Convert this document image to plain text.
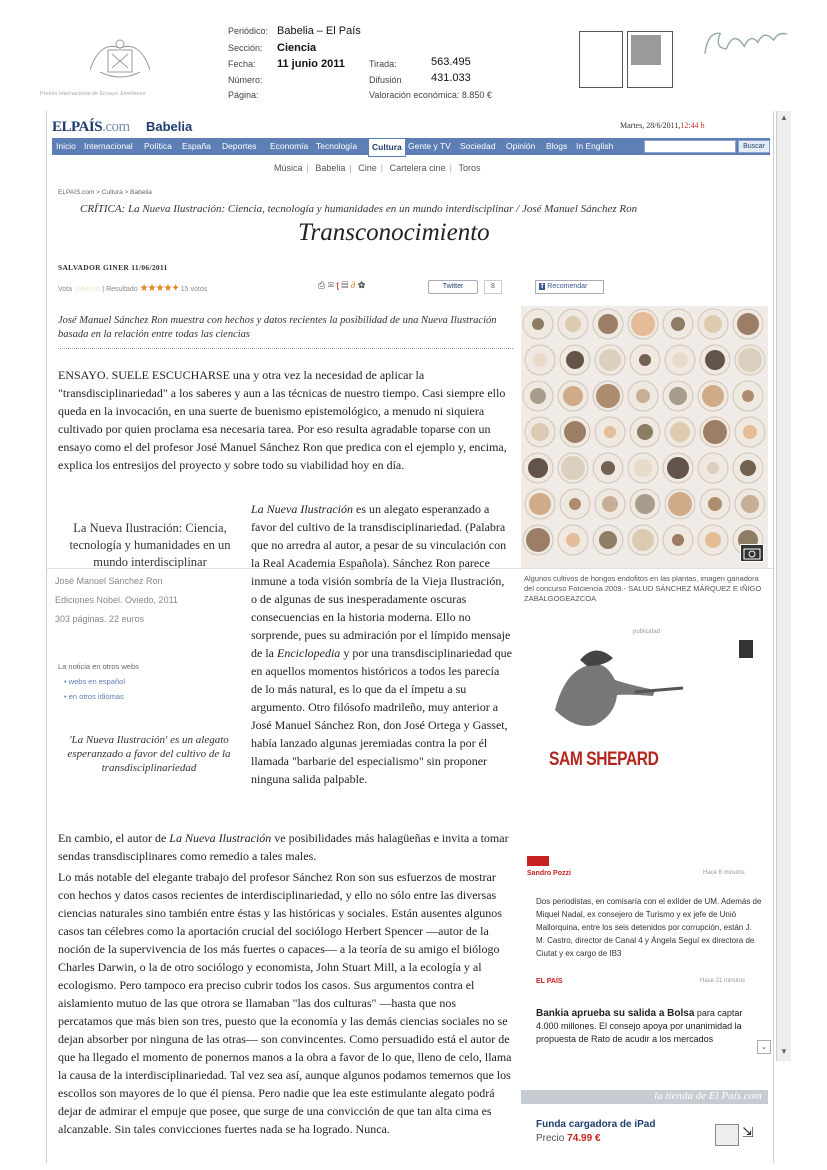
Premio Internacional de Ensayo Jovellanos
Periódico: Babelia – El País
Sección: Ciencia
Fecha: 11 junio 2011
Número:
Página:
Tirada:	563.495
Difusión	431.033
Valoración económica: 8.850 €
▲
▼
ELPAÍS.com Babelia	Martes, 28/6/2011,12:44 h
Inicio Internacional Política España Deportes Economía Tecnología	Cultura Gente y TV Sociedad Opinión Blogs In English	Buscar
Música | Babelia | Cine | Cartelera cine | Toros
ELPAIS.com > Cultura > Babelia
CRÍTICA: La Nueva Ilustración: Ciencia, tecnología y humanidades en un mundo interdisciplinar / José Manuel Sánchez Ron
Transconocimiento
SALVADOR GINER 11/06/2011
Vota ☆☆☆☆☆ | Resultado ★★★★✦ 15 votos	⎙ ✉ ʈ ▤ ∂ ✿	Twitter	8	f Recomendar
José Manuel Sánchez Ron muestra con hechos y datos recientes la posibilidad de una Nueva Ilustración basada en la relación entre todas las ciencias
ENSAYO. SUELE ESCUCHARSE una y otra vez la necesidad de aplicar la "transdisciplinariedad" a los saberes y aun a las técnicas de nuestro tiempo. Casi siempre ello queda en la invocación, en una suerte de buenismo epistemológico, a menudo ni siquiera cultivado por quien proclama esa necesaria tarea. Por eso resulta agradable toparse con un ensayo como el del profesor José Manuel Sánchez Ron que predica con el ejemplo y, encima, explica los entresijos del proyecto y sobre todo su viabilidad hoy en día.
La Nueva Ilustración: Ciencia, tecnología y humanidades en un mundo interdisciplinar
José Manuel Sánchez Ron
Ediciones Nobel. Oviedo, 2011
303 páginas. 22 euros
La noticia en otros webs
• webs en español
• en otros idiomas
'La Nueva Ilustración' es un alegato esperanzado a favor del cultivo de la transdisciplinariedad
La Nueva Ilustración es un alegato esperanzado a favor del cultivo de la transdisciplinariedad. (Palabra que no arredra al autor, a pesar de su vinculación con la Real Academia Española). Sánchez Ron parece inmune a toda visión sombría de la Vieja Ilustración, o de algunas de sus inesperadamente oscuras consecuencias en la historia moderna. Ello no sorprende, pues su admiración por el límpido mensaje de la Enciclopedia y por una transdisciplinariedad que en aquellos momentos históricos a todos les parecía de lo más natural, es lo que da el ímpetu a su argumento. Otro filósofo madrileño, muy anterior a José Manuel Sánchez Ron, don José Ortega y Gasset, había lanzado algunas jeremiadas contra la por él llamada "barbarie del especialismo" sin proponer ninguna salida palpable.
En cambio, el autor de La Nueva Ilustración ve posibilidades más halagüeñas e invita a tomar sendas transdisciplinares como remedio a tales males.
Lo más notable del elegante trabajo del profesor Sánchez Ron son sus esfuerzos de mostrar con hechos y datos casos recientes de interdisciplinariedad, y ello no sólo entre las diversas ciencias naturales sino también entre éstas y las históricas y sociales. Están ausentes algunos casos tan célebres como la aportación crucial del sociólogo Herbert Spencer —autor de la noción de la supervivencia de los más fuertes o capaces— a la teoría de su amigo el biólogo Charles Darwin, o la de otro sociólogo y economista, John Stuart Mill, a la ecología y al ecologismo. Pero tampoco era preciso cubrir todos los casos. Sus argumentos contra el aislamiento mutuo de las que otrora se llamaban "las dos culturas" —hasta que nos percatamos que más bien son tres, puesto que la economía y las demás ciencias sociales no se dejan absorber por ninguna de las otras— son convincentes. Como persuadido está el autor de que ha llegado el momento de ponernos manos a la obra a favor de lo que, lleno de celo, llama la causa de la interdisciplinariedad. Tal vez sea así, aunque algunos podamos temernos que los escollos son mayores de lo que él piensa. Pero nadie que lea este estimulante alegato podrá dejar de admirar el empuje que posee, que surge de una convicción de que tan alta cima es alcanzable. Sin tales convicciones fuertes nada se ha logrado. Nunca.
Algunos cultivos de hongos endofitos en las plantas, imagen ganadora del concurso Fotciencia 2009.- SALUD SÁNCHEZ MÁRQUEZ E IÑIGO ZABALGOGEAZCOA
publicidad
SAM SHEPARD
Sandro Pozzi	Hace 6 minutos
Dos periodistas, en comisaría con el exlíder de UM. Además de Miquel Nadal, ex consejero de Turismo y ex jefe de Unió Mallorquina, entre los seis detenidos por corrupción, están J. M. Castro, director de Canal 4 y Ángela Seguí ex directora de Ciutat y ex cargo de IB3
EL PAÍS	Hace 21 minutos
Bankia aprueba su salida a Bolsa para captar 4.000 millones. El consejo apoya por unanimidad la propuesta de Rato de acudir a los mercados
⌄
la tienda de El País.com
Funda cargadora de iPad
Precio 74.99 €	⇲
